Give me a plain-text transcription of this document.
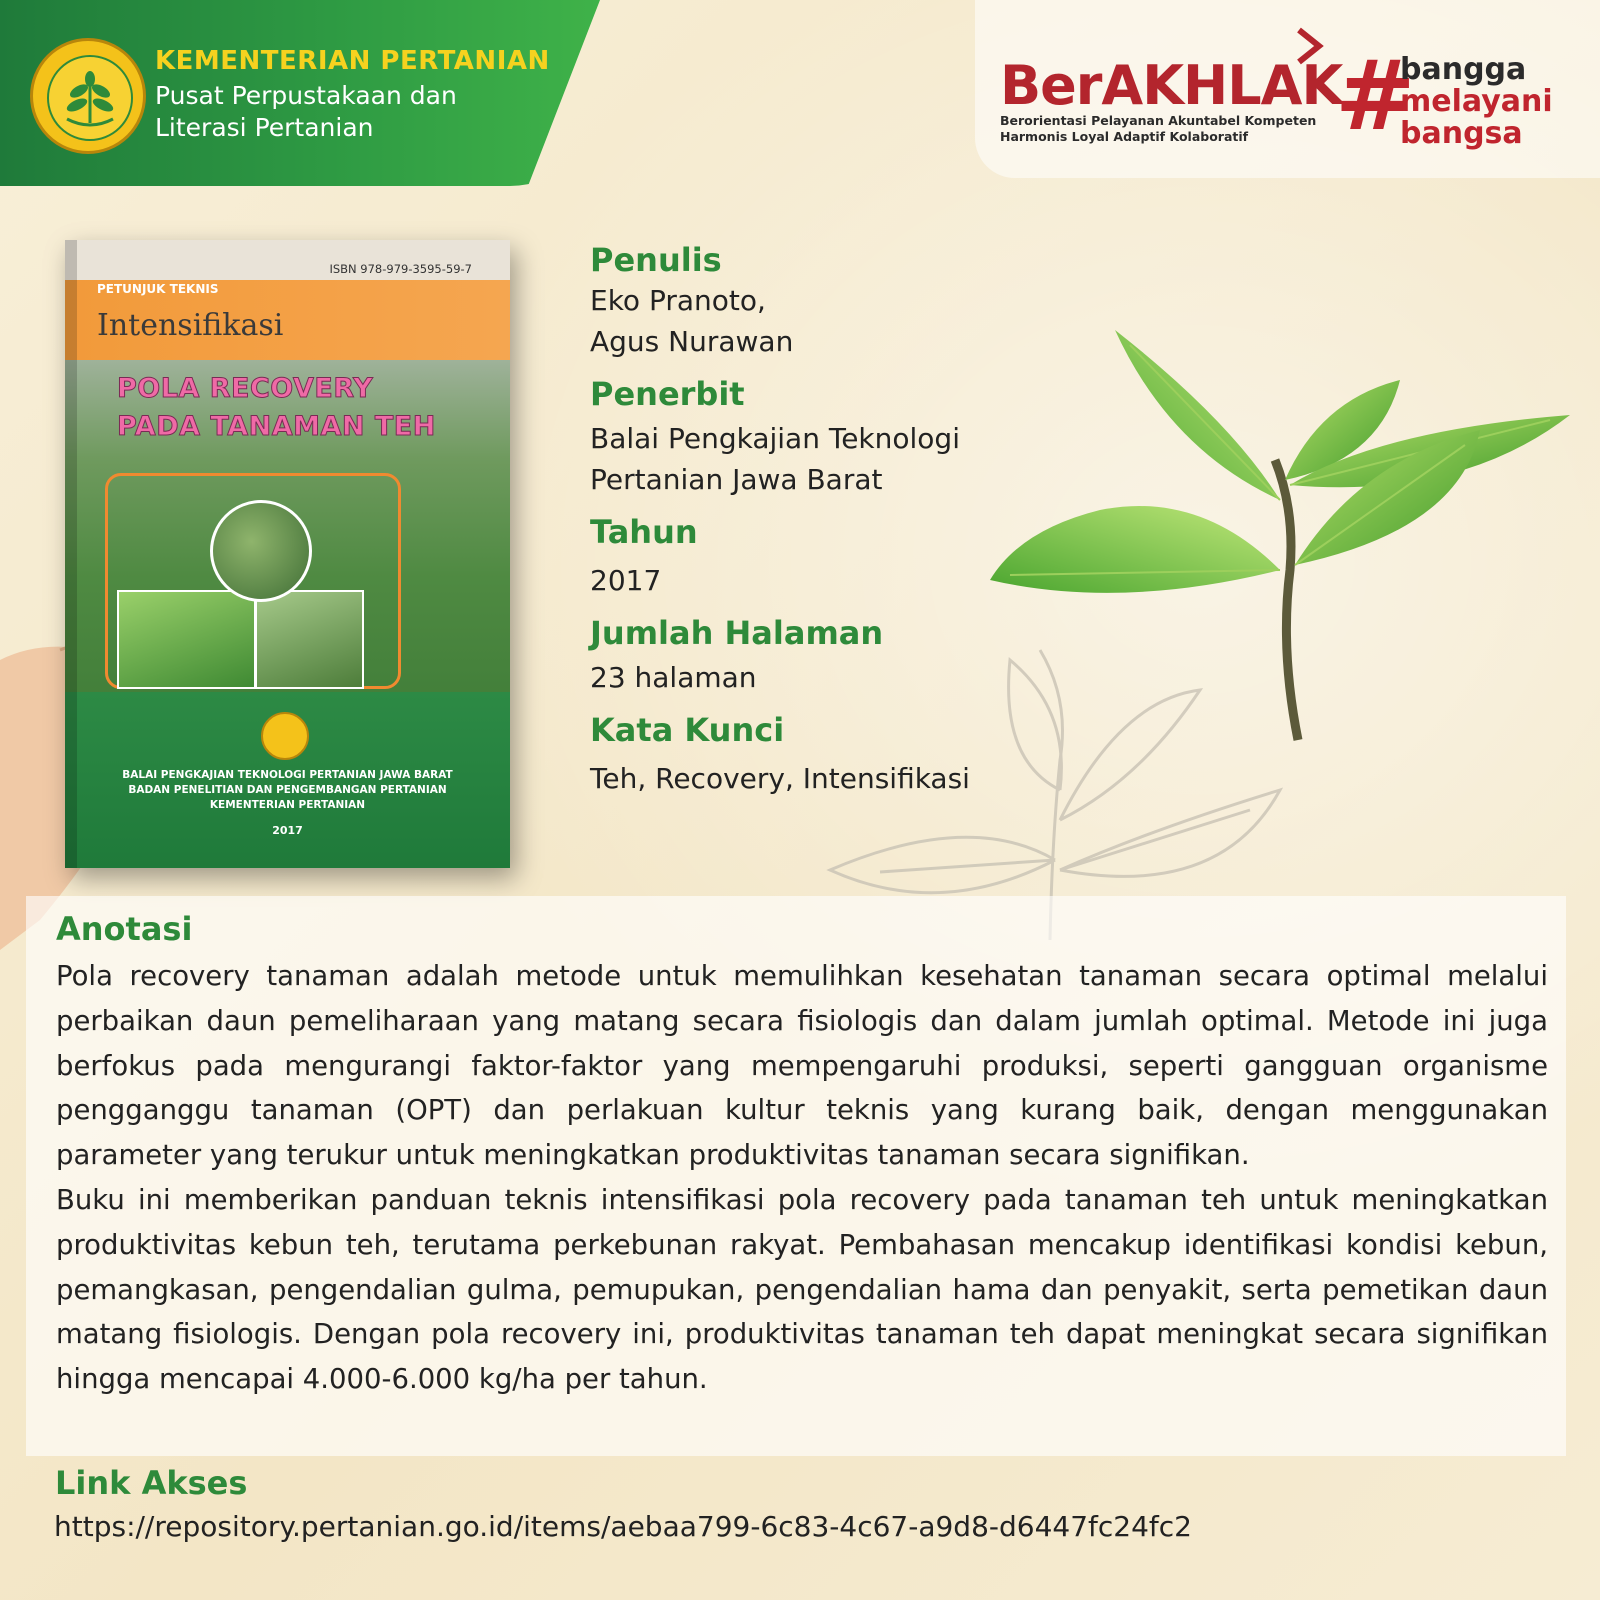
KEMENTERIAN PERTANIAN
Pusat Perpustakaan dan
Literasi Pertanian
BerAKHLAK
Berorientasi Pelayanan Akuntabel Kompeten
Harmonis Loyal Adaptif Kolaboratif #
bangga
melayani
bangsa
ISBN 978-979-3595-59-7
PETUNJUK TEKNIS
Intensifikasi
POLA RECOVERY
PADA TANAMAN TEH
BALAI PENGKAJIAN TEKNOLOGI PERTANIAN JAWA BARAT
BADAN PENELITIAN DAN PENGEMBANGAN PERTANIAN
KEMENTERIAN PERTANIAN
2017
Penulis
Eko Pranoto,
Agus Nurawan
Penerbit
Balai Pengkajian Teknologi
Pertanian Jawa Barat
Tahun
2017
Jumlah Halaman
23 halaman
Kata Kunci
Teh, Recovery, Intensifikasi
Anotasi

Pola recovery tanaman adalah metode untuk memulihkan kesehatan tanaman secara optimal melalui perbaikan daun pemeliharaan yang matang secara fisiologis dan dalam jumlah optimal. Metode ini juga berfokus pada mengurangi faktor-faktor yang mempengaruhi produksi, seperti gangguan organisme pengganggu tanaman (OPT) dan perlakuan kultur teknis yang kurang baik, dengan menggunakan parameter yang terukur untuk meningkatkan produktivitas tanaman secara signifikan.

Buku ini memberikan panduan teknis intensifikasi pola recovery pada tanaman teh untuk meningkatkan produktivitas kebun teh, terutama perkebunan rakyat. Pembahasan mencakup identifikasi kondisi kebun, pemangkasan, pengendalian gulma, pemupukan, pengendalian hama dan penyakit, serta pemetikan daun matang fisiologis. Dengan pola recovery ini, produktivitas tanaman teh dapat meningkat secara signifikan hingga mencapai 4.000-6.000 kg/ha per tahun.

Link Akses
https://repository.pertanian.go.id/items/aebaa799-6c83-4c67-a9d8-d6447fc24fc2
